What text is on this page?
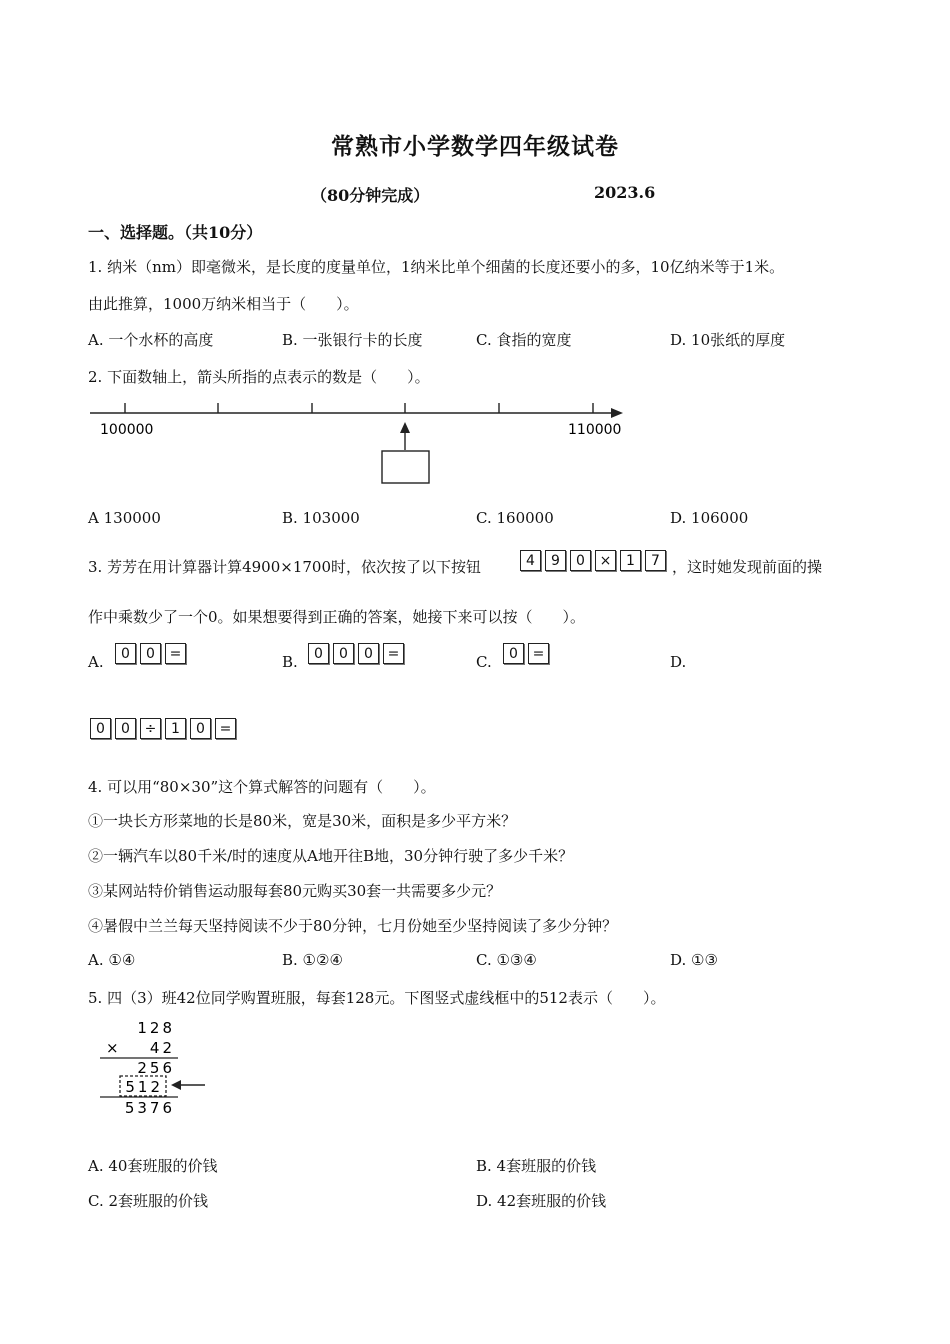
常熟市小学数学四年级试卷
（80分钟完成）	2023.6
一、选择题。（共10分）
1. 纳米（nm）即毫微米，是长度的度量单位，1纳米比单个细菌的长度还要小的多，10亿纳米等于1米。
由此推算，1000万纳米相当于（　　）。
A. 一个水杯的高度	B. 一张银行卡的长度	C. 食指的宽度	D. 10张纸的厚度
2. 下面数轴上，箭头所指的点表示的数是（　　）。
100000	110000
A 130000	B. 103000	C. 160000	D. 106000
3. 芳芳在用计算器计算4900×1700时，依次按了以下按钮	4	9	0	×	1	7 ，这时她发现前面的操
作中乘数少了一个0。如果想要得到正确的答案，她接下来可以按（　　）。
A.	0	0	=	B.	0	0	0	=	C.	0	=	D.
0	0	÷	1	0	=
4. 可以用“80×30”这个算式解答的问题有（　　）。
①一块长方形菜地的长是80米，宽是30米，面积是多少平方米？
②一辆汽车以80千米/时的速度从A地开往B地，30分钟行驶了多少千米？
③某网站特价销售运动服每套80元购买30套一共需要多少元？
④暑假中兰兰每天坚持阅读不少于80分钟，七月份她至少坚持阅读了多少分钟？
A. ①④	B. ①②④	C. ①③④	D. ①③
5. 四（3）班42位同学购置班服，每套128元。下图竖式虚线框中的512表示（　　）。
128
× 42
256
512
5376
A. 40套班服的价钱	B. 4套班服的价钱
C. 2套班服的价钱	D. 42套班服的价钱
